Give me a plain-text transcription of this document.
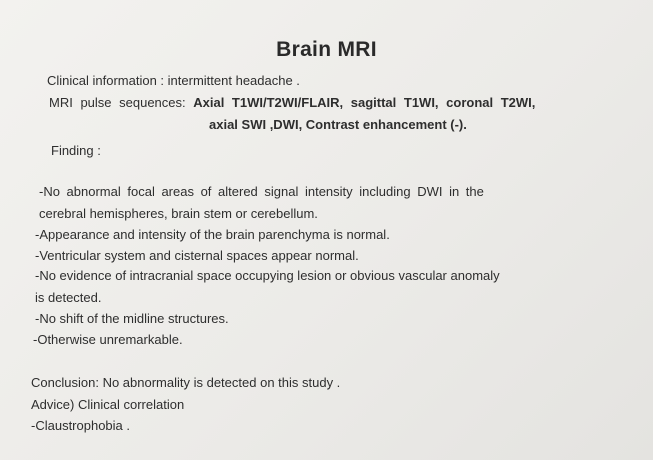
Brain MRI
Clinical information : intermittent headache .
MRI pulse sequences: Axial T1WI/T2WI/FLAIR, sagittal T1WI, coronal T2WI,
axial SWI ,DWI, Contrast enhancement (-).
Finding :
-No abnormal focal areas of altered signal intensity including DWI in the
cerebral hemispheres, brain stem or cerebellum.
-Appearance and intensity of the brain parenchyma is normal.
-Ventricular system and cisternal spaces appear normal.
-No evidence of intracranial space occupying lesion or obvious vascular anomaly
is detected.
-No shift of the midline structures.
-Otherwise unremarkable.
Conclusion: No abnormality is detected on this study .
Advice) Clinical correlation
-Claustrophobia .
